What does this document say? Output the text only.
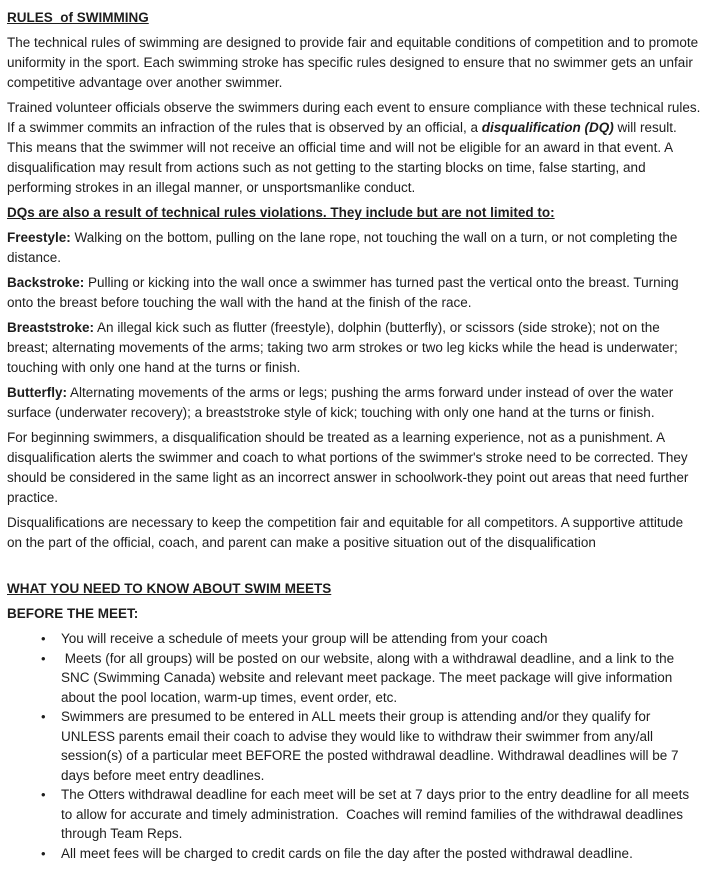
RULES  of SWIMMING

The technical rules of swimming are designed to provide fair and equitable conditions of competition and to promote uniformity in the sport. Each swimming stroke has specific rules designed to ensure that no swimmer gets an unfair competitive advantage over another swimmer.

Trained volunteer officials observe the swimmers during each event to ensure compliance with these technical rules. If a swimmer commits an infraction of the rules that is observed by an official, a disqualification (DQ) will result. This means that the swimmer will not receive an official time and will not be eligible for an award in that event. A disqualification may result from actions such as not getting to the starting blocks on time, false starting, and performing strokes in an illegal manner, or unsportsmanlike conduct.

DQs are also a result of technical rules violations. They include but are not limited to:

Freestyle: Walking on the bottom, pulling on the lane rope, not touching the wall on a turn, or not completing the distance.

Backstroke: Pulling or kicking into the wall once a swimmer has turned past the vertical onto the breast. Turning onto the breast before touching the wall with the hand at the finish of the race.

Breaststroke: An illegal kick such as flutter (freestyle), dolphin (butterfly), or scissors (side stroke); not on the breast; alternating movements of the arms; taking two arm strokes or two leg kicks while the head is underwater; touching with only one hand at the turns or finish.

Butterfly: Alternating movements of the arms or legs; pushing the arms forward under instead of over the water surface (underwater recovery); a breaststroke style of kick; touching with only one hand at the turns or finish.

For beginning swimmers, a disqualification should be treated as a learning experience, not as a punishment. A disqualification alerts the swimmer and coach to what portions of the swimmer's stroke need to be corrected. They should be considered in the same light as an incorrect answer in schoolwork-they point out areas that need further practice.

Disqualifications are necessary to keep the competition fair and equitable for all competitors. A supportive attitude on the part of the official, coach, and parent can make a positive situation out of the disqualification

WHAT YOU NEED TO KNOW ABOUT SWIM MEETS
BEFORE THE MEET:
• You will receive a schedule of meets your group will be attending from your coach
• Meets (for all groups) will be posted on our website, along with a withdrawal deadline, and a link to the SNC (Swimming Canada) website and relevant meet package. The meet package will give information about the pool location, warm-up times, event order, etc.
• Swimmers are presumed to be entered in ALL meets their group is attending and/or they qualify for UNLESS parents email their coach to advise they would like to withdraw their swimmer from any/all session(s) of a particular meet BEFORE the posted withdrawal deadline. Withdrawal deadlines will be 7 days before meet entry deadlines.
• The Otters withdrawal deadline for each meet will be set at 7 days prior to the entry deadline for all meets to allow for accurate and timely administration.  Coaches will remind families of the withdrawal deadlines through Team Reps.
• All meet fees will be charged to credit cards on file the day after the posted withdrawal deadline.
